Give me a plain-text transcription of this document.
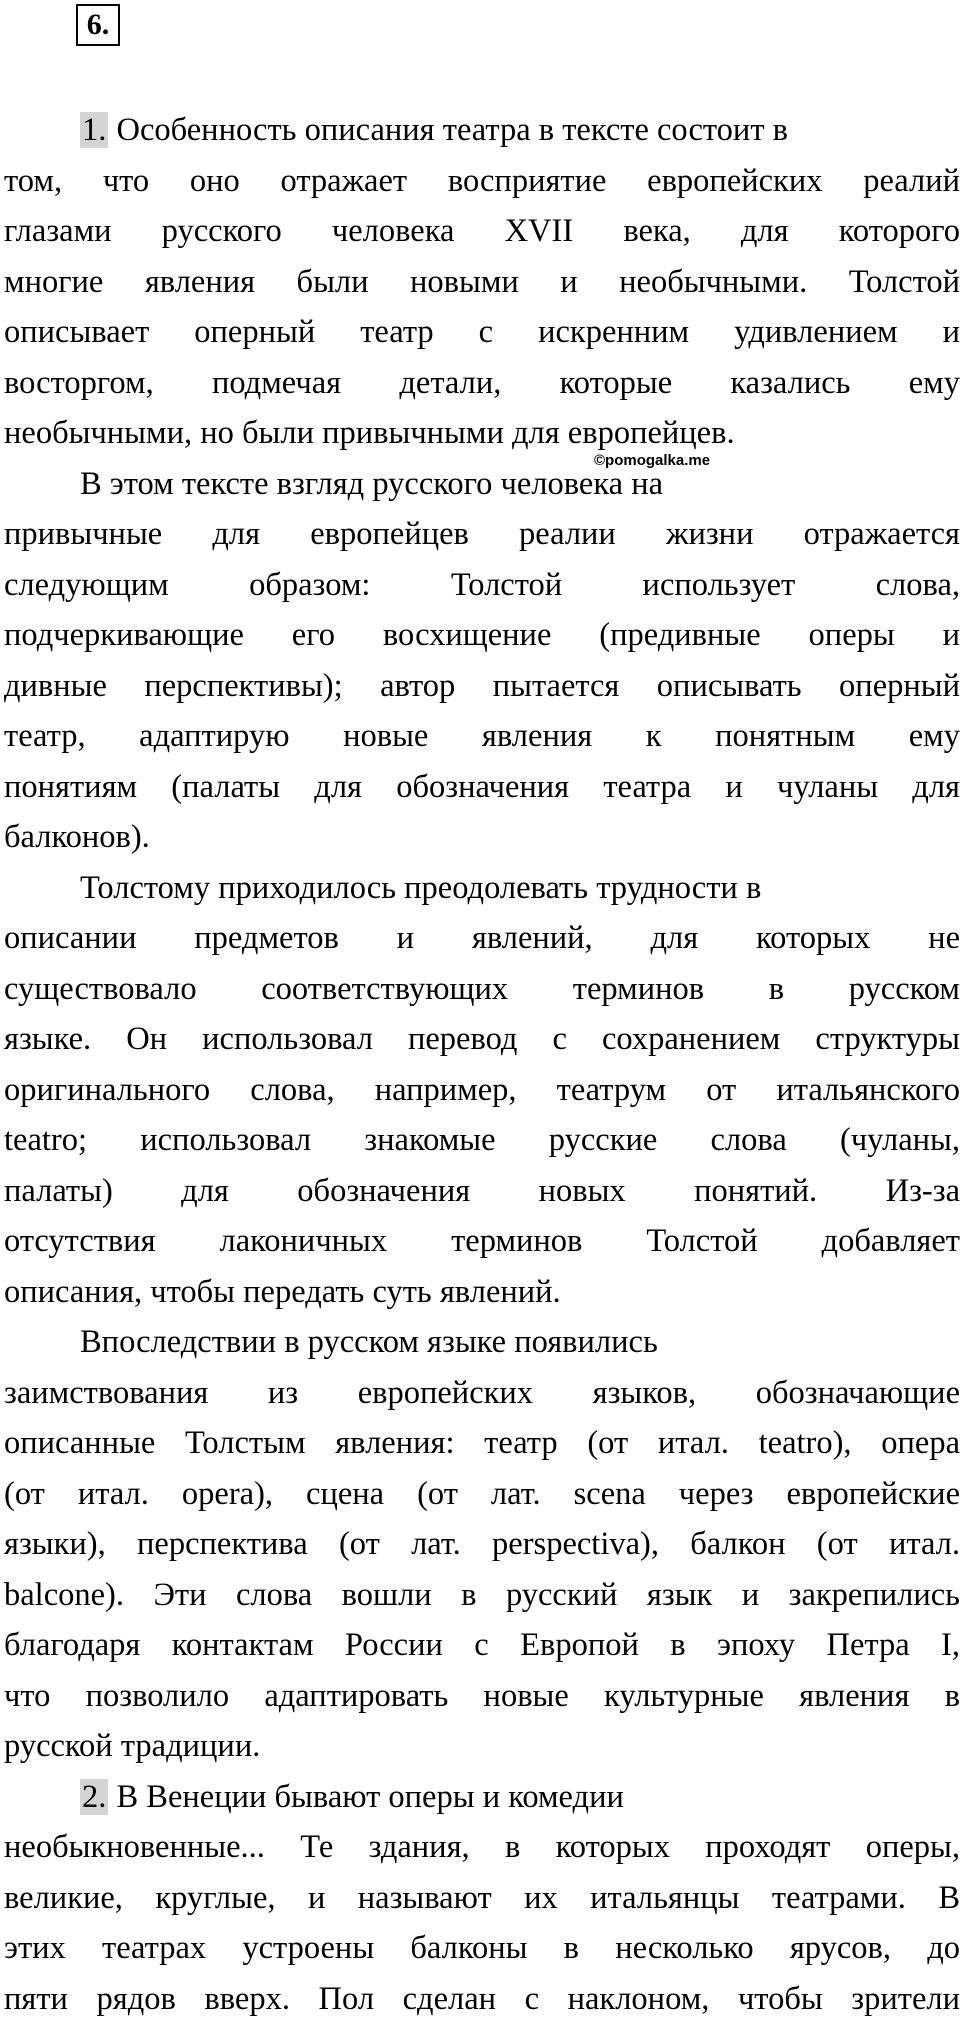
6.
©pomogalka.me
1. Особенность описания театра в тексте состоит в
том, что оно отражает восприятие европейских реалий
глазами русского человека XVII века, для которого
многие явления были новыми и необычными. Толстой
описывает оперный театр с искренним удивлением и
восторгом, подмечая детали, которые казались ему
необычными, но были привычными для европейцев.
В этом тексте взгляд русского человека на
привычные для европейцев реалии жизни отражается
следующим образом: Толстой использует слова,
подчеркивающие его восхищение (предивные оперы и
дивные перспективы); автор пытается описывать оперный
театр, адаптирую новые явления к понятным ему
понятиям (палаты для обозначения театра и чуланы для
балконов).
Толстому приходилось преодолевать трудности в
описании предметов и явлений, для которых не
существовало соответствующих терминов в русском
языке. Он использовал перевод с сохранением структуры
оригинального слова, например, театрум от итальянского
teatro; использовал знакомые русские слова (чуланы,
палаты) для обозначения новых понятий. Из-за
отсутствия лаконичных терминов Толстой добавляет
описания, чтобы передать суть явлений.
Впоследствии в русском языке появились
заимствования из европейских языков, обозначающие
описанные Толстым явления: театр (от итал. teatro), опера
(от итал. opera), сцена (от лат. scena через европейские
языки), перспектива (от лат. perspectiva), балкон (от итал.
balcone). Эти слова вошли в русский язык и закрепились
благодаря контактам России с Европой в эпоху Петра I,
что позволило адаптировать новые культурные явления в
русской традиции.
2. В Венеции бывают оперы и комедии
необыкновенные... Те здания, в которых проходят оперы,
великие, круглые, и называют их итальянцы театрами. В
этих театрах устроены балконы в несколько ярусов, до
пяти рядов вверх. Пол сделан с наклоном, чтобы зрители
